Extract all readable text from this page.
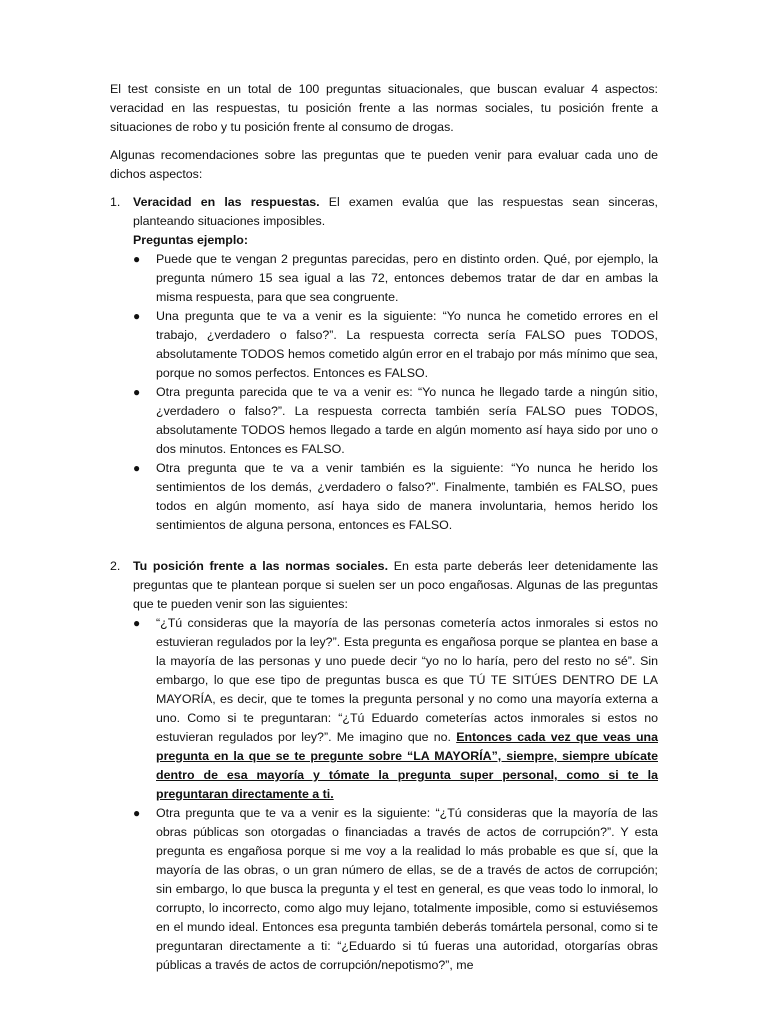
El test consiste en un total de 100 preguntas situacionales, que buscan evaluar 4 aspectos: veracidad en las respuestas, tu posición frente a las normas sociales, tu posición frente a situaciones de robo y tu posición frente al consumo de drogas.

Algunas recomendaciones sobre las preguntas que te pueden venir para evaluar cada uno de dichos aspectos:

1. Veracidad en las respuestas. El examen evalúa que las respuestas sean sinceras, planteando situaciones imposibles.
Preguntas ejemplo:
● Puede que te vengan 2 preguntas parecidas, pero en distinto orden. Qué, por ejemplo, la pregunta número 15 sea igual a las 72, entonces debemos tratar de dar en ambas la misma respuesta, para que sea congruente.
● Una pregunta que te va a venir es la siguiente: “Yo nunca he cometido errores en el trabajo, ¿verdadero o falso?”. La respuesta correcta sería FALSO pues TODOS, absolutamente TODOS hemos cometido algún error en el trabajo por más mínimo que sea, porque no somos perfectos. Entonces es FALSO.
● Otra pregunta parecida que te va a venir es: “Yo nunca he llegado tarde a ningún sitio, ¿verdadero o falso?”. La respuesta correcta también sería FALSO pues TODOS, absolutamente TODOS hemos llegado a tarde en algún momento así haya sido por uno o dos minutos. Entonces es FALSO.
● Otra pregunta que te va a venir también es la siguiente: “Yo nunca he herido los sentimientos de los demás, ¿verdadero o falso?”. Finalmente, también es FALSO, pues todos en algún momento, así haya sido de manera involuntaria, hemos herido los sentimientos de alguna persona, entonces es FALSO.
2. Tu posición frente a las normas sociales. En esta parte deberás leer detenidamente las preguntas que te plantean porque si suelen ser un poco engañosas. Algunas de las preguntas que te pueden venir son las siguientes:
● “¿Tú consideras que la mayoría de las personas cometería actos inmorales si estos no estuvieran regulados por la ley?”. Esta pregunta es engañosa porque se plantea en base a la mayoría de las personas y uno puede decir “yo no lo haría, pero del resto no sé”. Sin embargo, lo que ese tipo de preguntas busca es que TÚ TE SITÚES DENTRO DE LA MAYORÍA, es decir, que te tomes la pregunta personal y no como una mayoría externa a uno. Como si te preguntaran: “¿Tú Eduardo cometerías actos inmorales si estos no estuvieran regulados por ley?”. Me imagino que no. Entonces cada vez que veas una pregunta en la que se te pregunte sobre “LA MAYORÍA”, siempre, siempre ubícate dentro de esa mayoría y tómate la pregunta super personal, como si te la preguntaran directamente a ti.
● Otra pregunta que te va a venir es la siguiente: “¿Tú consideras que la mayoría de las obras públicas son otorgadas o financiadas a través de actos de corrupción?”. Y esta pregunta es engañosa porque si me voy a la realidad lo más probable es que sí, que la mayoría de las obras, o un gran número de ellas, se de a través de actos de corrupción; sin embargo, lo que busca la pregunta y el test en general, es que veas todo lo inmoral, lo corrupto, lo incorrecto, como algo muy lejano, totalmente imposible, como si estuviésemos en el mundo ideal. Entonces esa pregunta también deberás tomártela personal, como si te preguntaran directamente a ti: “¿Eduardo si tú fueras una autoridad, otorgarías obras públicas a través de actos de corrupción/nepotismo?”, me
